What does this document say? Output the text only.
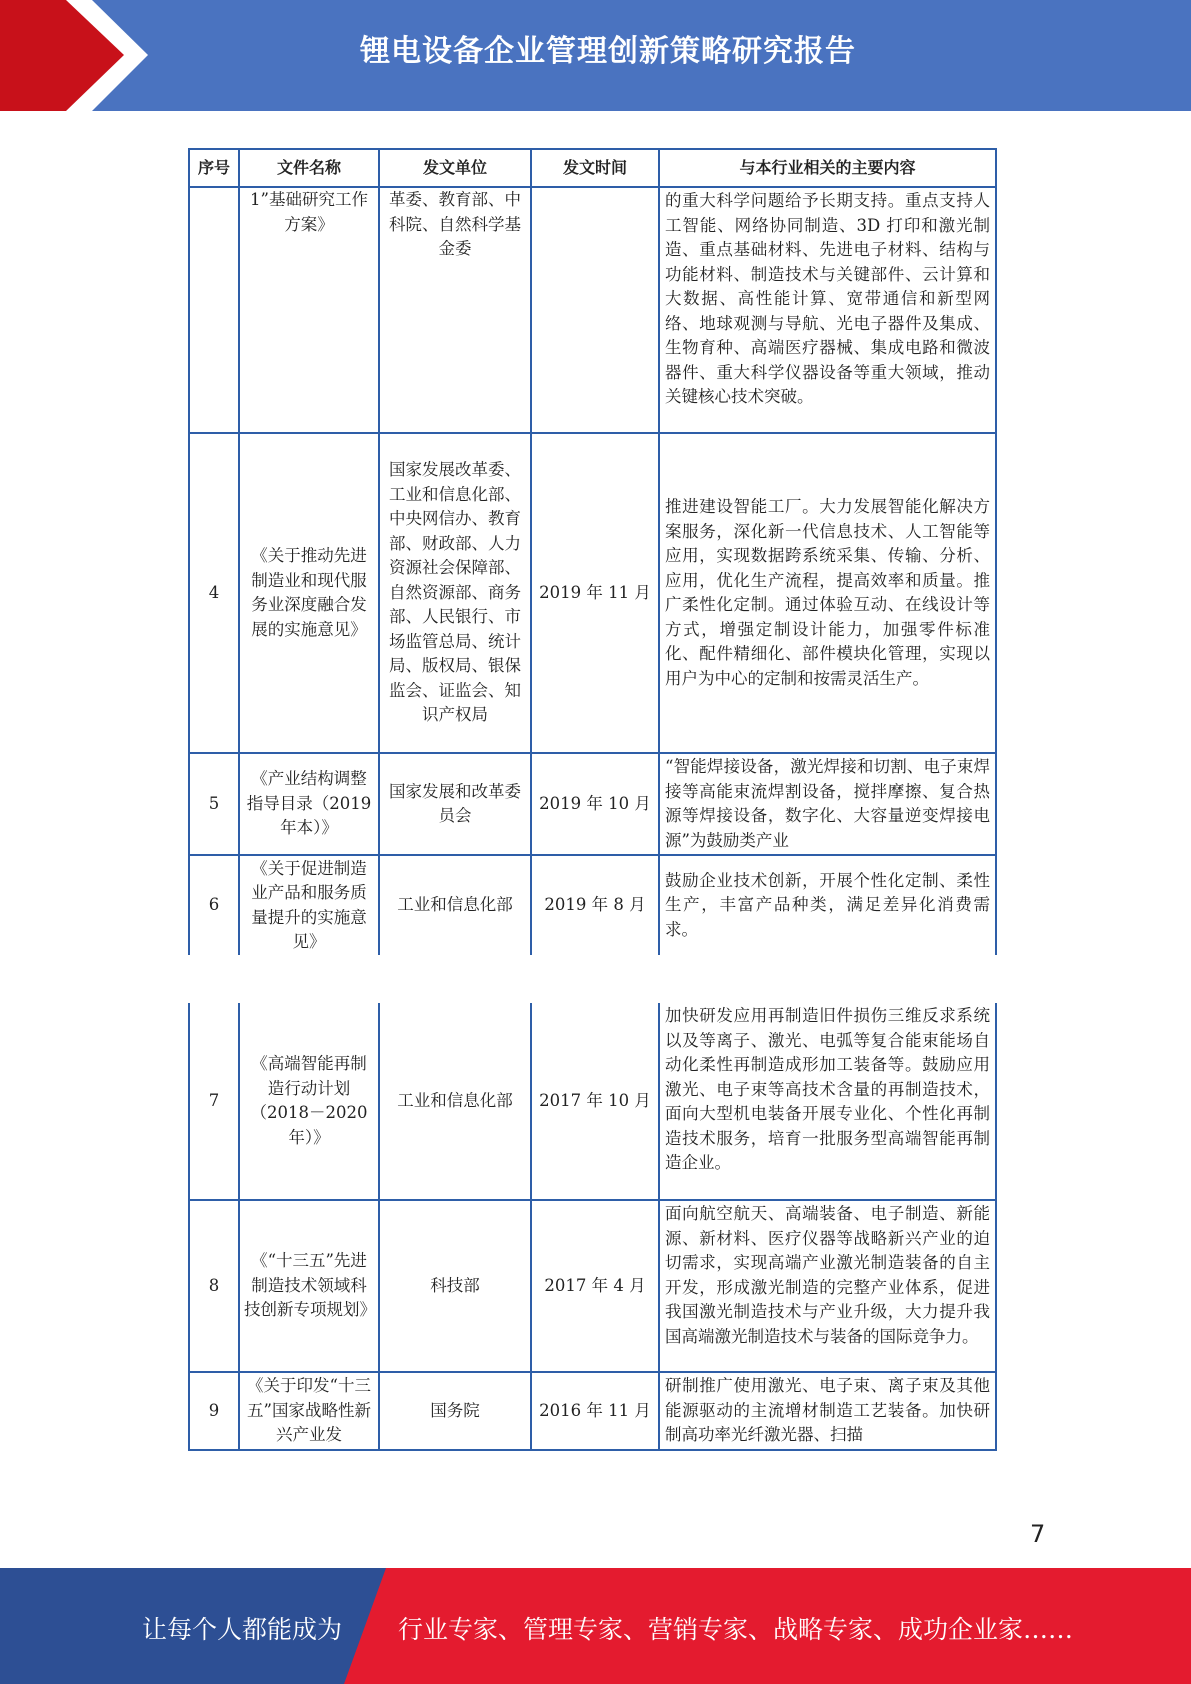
锂电设备企业管理创新策略研究报告
序号	文件名称	发文单位	发文时间	与本行业相关的主要内容
	1”基础研究工作方案》	革委、教育部、中科院、自然科学基金委		的重大科学问题给予长期支持。重点支持人工智能、网络协同制造、3D 打印和激光制造、重点基础材料、先进电子材料、结构与功能材料、制造技术与关键部件、云计算和大数据、高性能计算、宽带通信和新型网络、地球观测与导航、光电子器件及集成、生物育种、高端医疗器械、集成电路和微波器件、重大科学仪器设备等重大领域，推动关键核心技术突破。
4	《关于推动先进制造业和现代服务业深度融合发展的实施意见》	国家发展改革委、工业和信息化部、中央网信办、教育部、财政部、人力资源社会保障部、自然资源部、商务部、人民银行、市场监管总局、统计局、版权局、银保监会、证监会、知识产权局	2019 年 11 月	推进建设智能工厂。大力发展智能化解决方案服务，深化新一代信息技术、人工智能等应用，实现数据跨系统采集、传输、分析、应用，优化生产流程，提高效率和质量。推广柔性化定制。通过体验互动、在线设计等方式，增强定制设计能力，加强零件标准化、配件精细化、部件模块化管理，实现以用户为中心的定制和按需灵活生产。
5	《产业结构调整指导目录（2019 年本）》	国家发展和改革委员会	2019 年 10 月	“智能焊接设备，激光焊接和切割、电子束焊接等高能束流焊割设备，搅拌摩擦、复合热源等焊接设备，数字化、大容量逆变焊接电源”为鼓励类产业
6	《关于促进制造业产品和服务质量提升的实施意见》	工业和信息化部	2019 年 8 月	鼓励企业技术创新，开展个性化定制、柔性生产，丰富产品种类，满足差异化消费需求。
7	《高端智能再制造行动计划（2018－2020 年）》	工业和信息化部	2017 年 10 月	加快研发应用再制造旧件损伤三维反求系统以及等离子、激光、电弧等复合能束能场自动化柔性再制造成形加工装备等。鼓励应用激光、电子束等高技术含量的再制造技术，面向大型机电装备开展专业化、个性化再制造技术服务，培育一批服务型高端智能再制造企业。
8	《“十三五”先进制造技术领域科技创新专项规划》	科技部	2017 年 4 月	面向航空航天、高端装备、电子制造、新能源、新材料、医疗仪器等战略新兴产业的迫切需求，实现高端产业激光制造装备的自主开发，形成激光制造的完整产业体系，促进我国激光制造技术与产业升级，大力提升我国高端激光制造技术与装备的国际竞争力。
9	《关于印发“十三五”国家战略性新兴产业发	国务院	2016 年 11 月	研制推广使用激光、电子束、离子束及其他能源驱动的主流增材制造工艺装备。加快研制高功率光纤激光器、扫描
7
让每个人都能成为 行业专家、管理专家、营销专家、战略专家、成功企业家……
